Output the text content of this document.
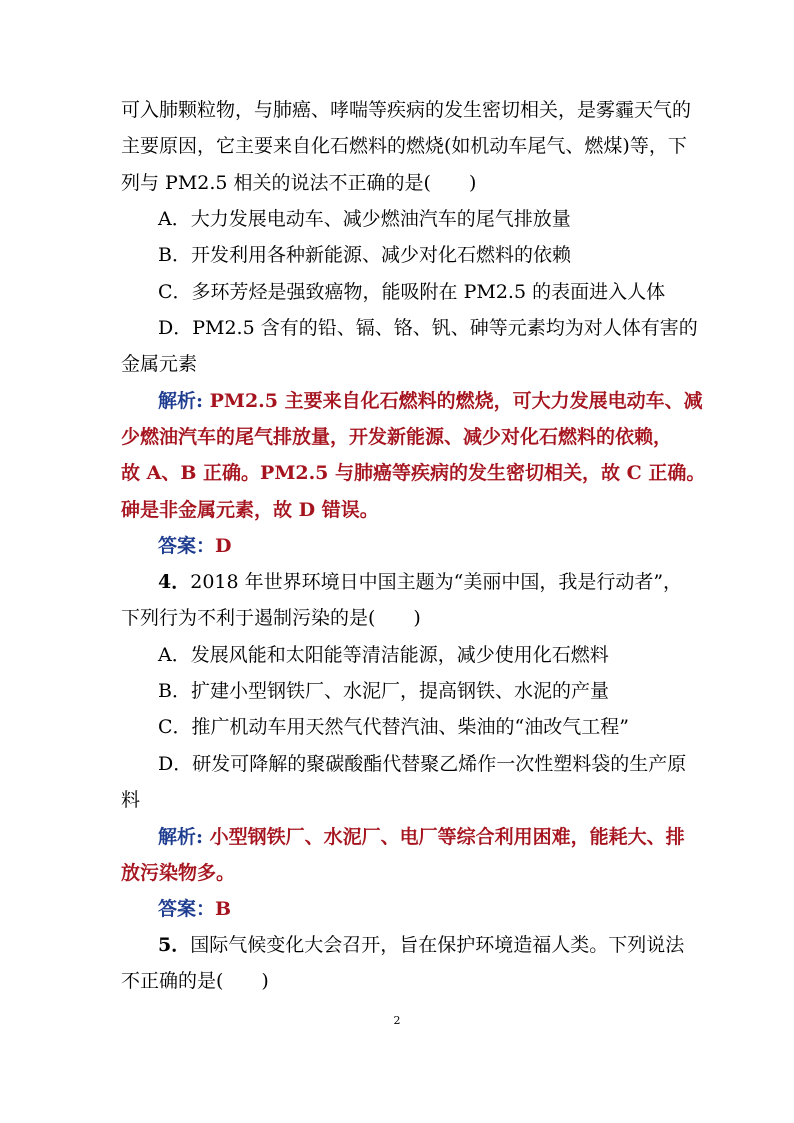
可入肺颗粒物，与肺癌、哮喘等疾病的发生密切相关，是雾霾天气的
主要原因，它主要来自化石燃料的燃烧(如机动车尾气、燃煤)等，下
列与 PM2.5 相关的说法不正确的是(　　)
A．大力发展电动车、减少燃油汽车的尾气排放量
B．开发利用各种新能源、减少对化石燃料的依赖
C．多环芳烃是强致癌物，能吸附在 PM2.5 的表面进入人体
D．PM2.5 含有的铅、镉、铬、钒、砷等元素均为对人体有害的
金属元素
解析: PM2.5 主要来自化石燃料的燃烧，可大力发展电动车、减
少燃油汽车的尾气排放量，开发新能源、减少对化石燃料的依赖，
故 A、B 正确。PM2.5 与肺癌等疾病的发生密切相关，故 C 正确。
砷是非金属元素，故 D 错误。
答案：D
4．2018 年世界环境日中国主题为“美丽中国，我是行动者”，
下列行为不利于遏制污染的是(　　)
A．发展风能和太阳能等清洁能源，减少使用化石燃料
B．扩建小型钢铁厂、水泥厂，提高钢铁、水泥的产量
C．推广机动车用天然气代替汽油、柴油的“油改气工程”
D．研发可降解的聚碳酸酯代替聚乙烯作一次性塑料袋的生产原
料
解析: 小型钢铁厂、水泥厂、电厂等综合利用困难，能耗大、排
放污染物多。
答案：B
5．国际气候变化大会召开，旨在保护环境造福人类。下列说法
不正确的是(　　)
2
